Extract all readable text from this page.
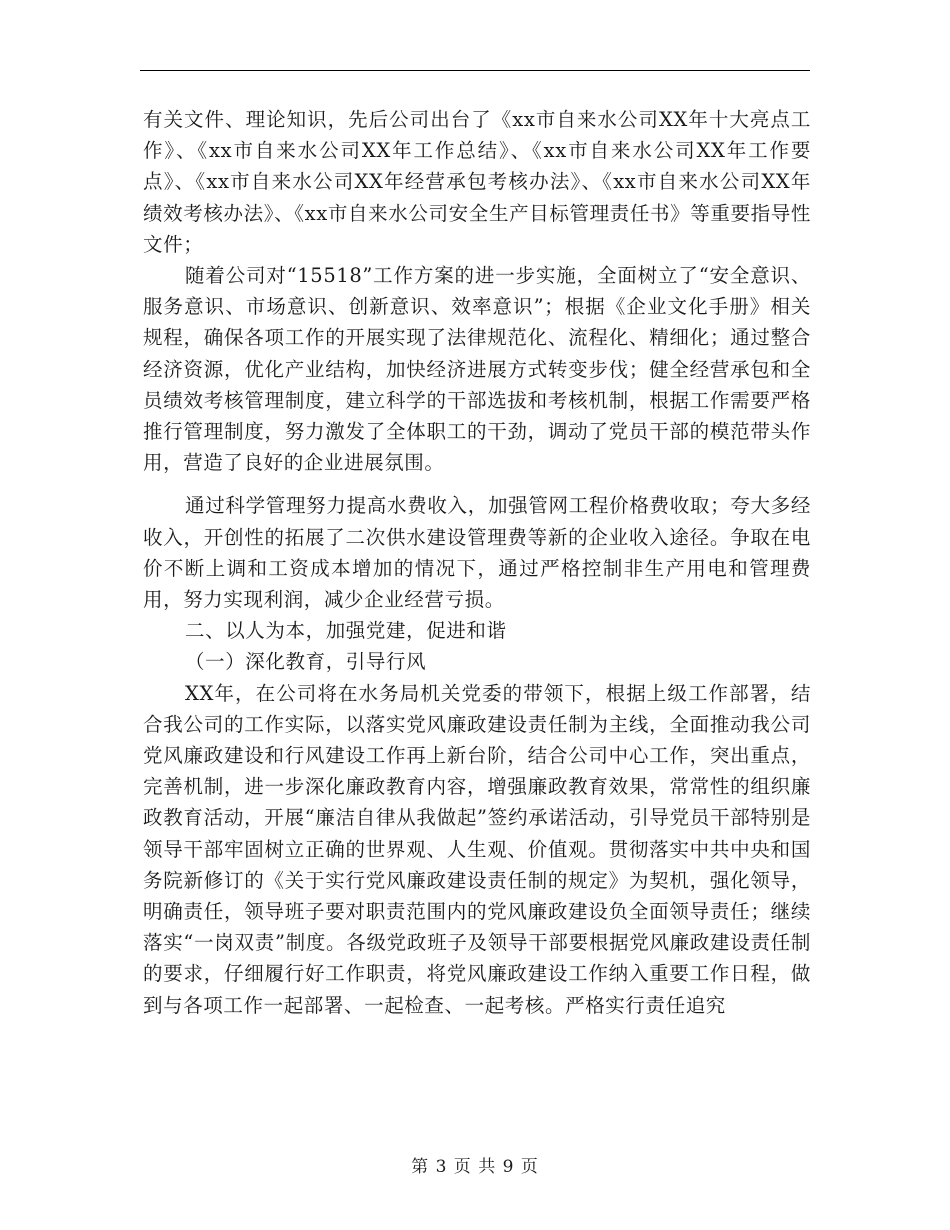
有关文件、理论知识，先后公司出台了《xx市自来水公司XX年十大亮点工作》、《xx市自来水公司XX年工作总结》、《xx市自来水公司XX年工作要点》、《xx市自来水公司XX年经营承包考核办法》、《xx市自来水公司XX年绩效考核办法》、《xx市自来水公司安全生产目标管理责任书》等重要指导性文件；

随着公司对“15518”工作方案的进一步实施，全面树立了“安全意识、服务意识、市场意识、创新意识、效率意识”；根据《企业文化手册》相关规程，确保各项工作的开展实现了法律规范化、流程化、精细化；通过整合经济资源，优化产业结构，加快经济进展方式转变步伐；健全经营承包和全员绩效考核管理制度，建立科学的干部选拔和考核机制，根据工作需要严格推行管理制度，努力激发了全体职工的干劲，调动了党员干部的模范带头作用，营造了良好的企业进展氛围。

通过科学管理努力提高水费收入，加强管网工程价格费收取；夸大多经收入，开创性的拓展了二次供水建设管理费等新的企业收入途径。争取在电价不断上调和工资成本增加的情况下，通过严格控制非生产用电和管理费用，努力实现利润，减少企业经营亏损。

二、以人为本，加强党建，促进和谐

（一）深化教育，引导行风

XX年，在公司将在水务局机关党委的带领下，根据上级工作部署，结合我公司的工作实际，以落实党风廉政建设责任制为主线，全面推动我公司党风廉政建设和行风建设工作再上新台阶，结合公司中心工作，突出重点，完善机制，进一步深化廉政教育内容，增强廉政教育效果，常常性的组织廉政教育活动，开展“廉洁自律从我做起”签约承诺活动，引导党员干部特别是领导干部牢固树立正确的世界观、人生观、价值观。贯彻落实中共中央和国务院新修订的《关于实行党风廉政建设责任制的规定》为契机，强化领导，明确责任，领导班子要对职责范围内的党风廉政建设负全面领导责任；继续落实“一岗双责”制度。各级党政班子及领导干部要根据党风廉政建设责任制的要求，仔细履行好工作职责，将党风廉政建设工作纳入重要工作日程，做到与各项工作一起部署、一起检查、一起考核。严格实行责任追究

第 3 页 共 9 页
